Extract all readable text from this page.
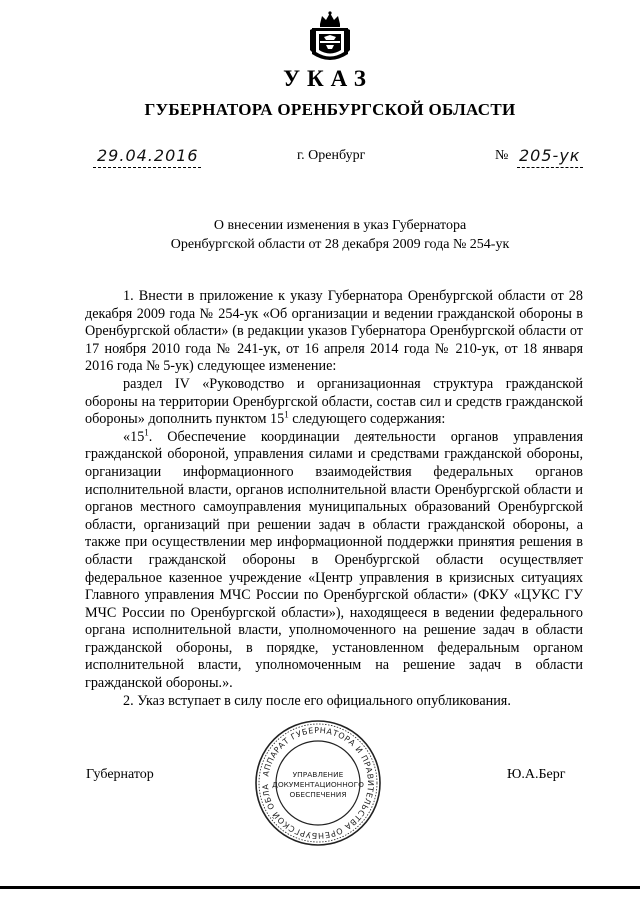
УКАЗ
ГУБЕРНАТОРА ОРЕНБУРГСКОЙ ОБЛАСТИ
29.04.2016	г. Оренбург	№ 205-ук
О внесении изменения в указ Губернатора
Оренбургской области от 28 декабря 2009 года № 254-ук

1. Внести в приложение к указу Губернатора Оренбургской области от 28 декабря 2009 года № 254-ук «Об организации и ведении гражданской обороны в Оренбургской области» (в редакции указов Губернатора Оренбургской области от 17 ноября 2010 года № 241-ук, от 16 апреля 2014 года № 210-ук, от 18 января 2016 года № 5-ук) следующее изменение:

раздел IV «Руководство и организационная структура гражданской обороны на территории Оренбургской области, состав сил и средств гражданской обороны» дополнить пунктом $15^1$ следующего содержания:

«$15^1$. Обеспечение координации деятельности органов управления гражданской обороной, управления силами и средствами гражданской обороны, организации информационного взаимодействия федеральных органов исполнительной власти, органов исполнительной власти Оренбургской области и органов местного самоуправления муниципальных образований Оренбургской области, организаций при решении задач в области гражданской обороны, а также при осуществлении мер информационной поддержки принятия решения в области гражданской обороны в Оренбургской области осуществляет федеральное казенное учреждение «Центр управления в кризисных ситуациях Главного управления МЧС России по Оренбургской области» (ФКУ «ЦУКС ГУ МЧС России по Оренбургской области»), находящееся в ведении федерального органа исполнительной власти, уполномоченного на решение задач в области гражданской обороны, в порядке, установленном федеральным органом исполнительной власти, уполномоченным на решение задач в области гражданской обороны.».

2. Указ вступает в силу после его официального опубликования.

Губернатор	Ю.А.Берг
АППАРАТ ГУБЕРНАТОРА И ПРАВИТЕЛЬСТВА ОРЕНБУРГСКОЙ ОБЛА
УПРАВЛЕНИЕ
ДОКУМЕНТАЦИОННОГО
ОБЕСПЕЧЕНИЯ
